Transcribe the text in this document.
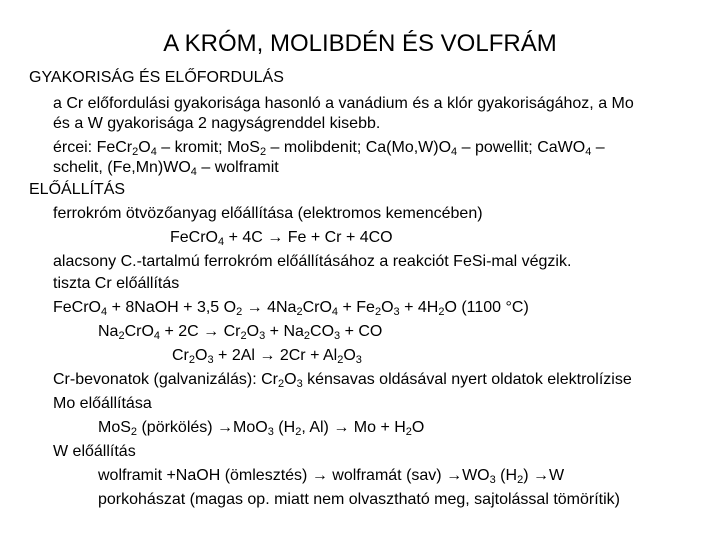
A KRÓM, MOLIBDÉN ÉS VOLFRÁM

GYAKORISÁG ÉS ELŐFORDULÁS

a Cr előfordulási gyakorisága hasonló a vanádium és a klór gyakoriságához, a Mo

és a W gyakorisága 2 nagyságrenddel kisebb.

ércei: $FeCr_2O_4$ – kromit; MoS$_2$ – molibdenit; $Ca(Mo,W)O_4$ – powellit; CaWO$_4$ –

schelit, $(Fe,Mn)WO_4$ – wolframit

ELŐÁLLÍTÁS

ferrokróm ötvözőanyag előállítása (elektromos kemencében)

FeCrO$_4$ + 4C → Fe + Cr + 4CO

alacsony C.-tartalmú ferrokróm előállításához a reakciót FeSi-mal végzik.

tiszta Cr előállítás

FeCrO$_4$ + 8NaOH + 3,5 $O_2 \to 4Na_2CrO_4 + Fe_2O_3 + 4H_2O$ (1100 °C)

$Na_2CrO_4 + 2C \to Cr_2O_3 + Na_2CO_3$ + CO

$Cr_2O_3 + 2Al \to 2Cr + Al_2O_3$

Cr-bevonatok (galvanizálás): $Cr_2O_3$ kénsavas oldásával nyert oldatok elektrolízise

Mo előállítása

MoS$_2$ (pörkölés) →MoO$_3$ ($H_2$, $Al) \to Mo + H_2O$

W előállítás

wolframit +NaOH (ömlesztés) → wolframát $(sav) \to WO_3$ $(H_2) \to W$

porkohászat (magas op. miatt nem olvasztható meg, sajtolással tömörítik)
